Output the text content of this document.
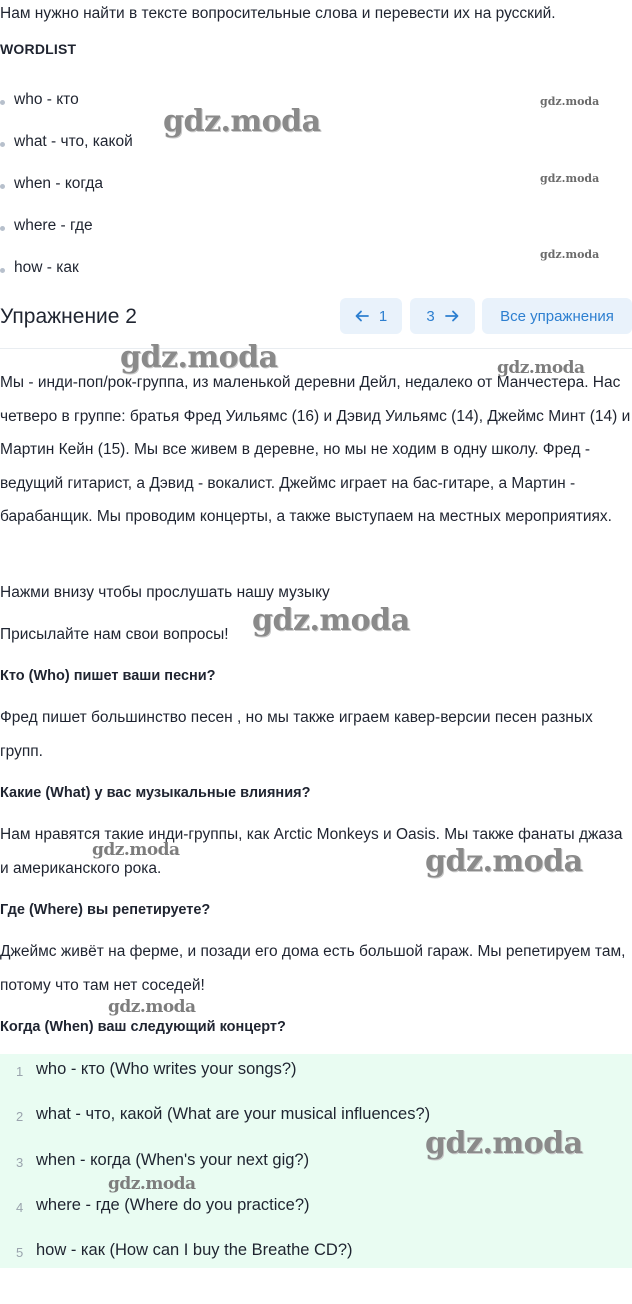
Нам нужно найти в тексте вопросительные слова и перевести их на русский.
WORDLIST
who - кто
what - что, какой
when - когда
where - где
how - как
Упражнение 2	1	3	Все упражнения

Мы - инди-поп/рок-группа, из маленькой деревни Дейл, недалеко от Манчестера. Нас четверо в группе: братья Фред Уильямс (16) и Дэвид Уильямс (14), Джеймс Минт (14) и Мартин Кейн (15). Мы все живем в деревне, но мы не ходим в одну школу. Фред - ведущий гитарист, а Дэвид - вокалист. Джеймс играет на бас-гитаре, а Мартин - барабанщик. Мы проводим концерты, а также выступаем на местных мероприятиях.

Нажми внизу чтобы прослушать нашу музыку
Присылайте нам свои вопросы!
Кто (Who) пишет ваши песни?

Фред пишет большинство песен , но мы также играем кавер-версии песен разных групп.

Какие (What) у вас музыкальные влияния?

Нам нравятся такие инди-группы, как Arctic Monkeys и Oasis. Мы также фанаты джаза и американского рока.

Где (Where) вы репетируете?

Джеймс живёт на ферме, и позади его дома есть большой гараж. Мы репетируем там, потому что там нет соседей!

Когда (When) ваш следующий концерт?
1 who - кто (Who writes your songs?)
2 what - что, какой (What are your musical influences?)
3 when - когда (When's your next gig?)
4 where - где (Where do you practice?)
5 how - как (How can I buy the Breathe CD?)
gdz.moda
gdz.moda
gdz.moda
gdz.moda
gdz.moda	gdz.moda
gdz.moda
gdz.moda	gdz.moda
gdz.moda
gdz.moda
gdz.moda
